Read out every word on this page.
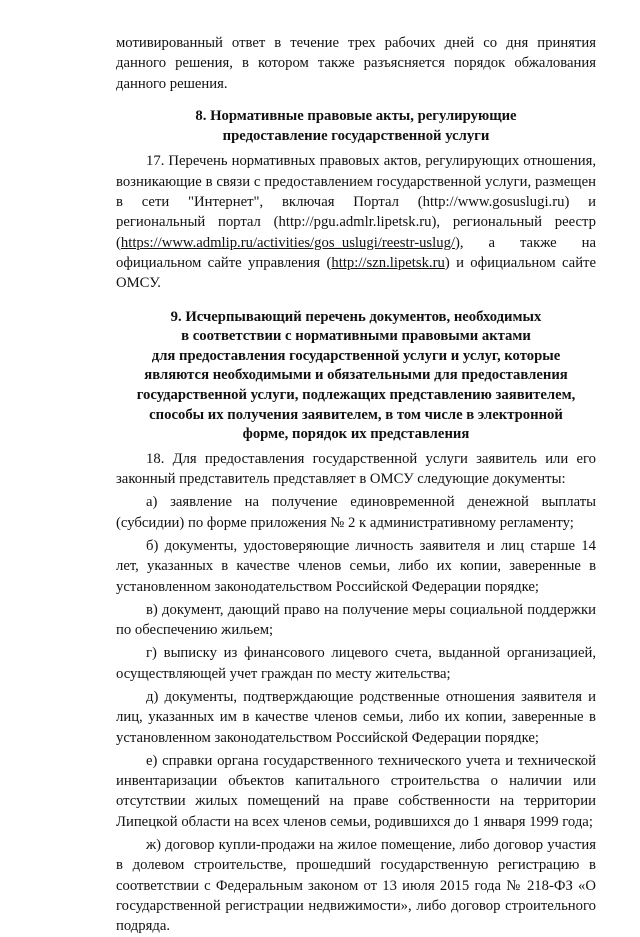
мотивированный ответ в течение трех рабочих дней со дня принятия данного решения, в котором также разъясняется порядок обжалования данного решения.

8. Нормативные правовые акты, регулирующие
предоставление государственной услуги

17. Перечень нормативных правовых актов, регулирующих отношения, возникающие в связи с предоставлением государственной услуги, размещен в сети "Интернет", включая Портал (http://www.gosuslugi.ru) и региональный портал (http://pgu.admlr.lipetsk.ru), региональный реестр (https://www.admlip.ru/activities/gos_uslugi/reestr-uslug/), а также на официальном сайте управления (http://szn.lipetsk.ru) и официальном сайте ОМСУ.

9. Исчерпывающий перечень документов, необходимых
в соответствии с нормативными правовыми актами
для предоставления государственной услуги и услуг, которые
являются необходимыми и обязательными для предоставления
государственной услуги, подлежащих представлению заявителем,
способы их получения заявителем, в том числе в электронной
форме, порядок их представления

18. Для предоставления государственной услуги заявитель или его законный представитель представляет в ОМСУ следующие документы:

а) заявление на получение единовременной денежной выплаты (субсидии) по форме приложения № 2 к административному регламенту;

б) документы, удостоверяющие личность заявителя и лиц старше 14 лет, указанных в качестве членов семьи, либо их копии, заверенные в установленном законодательством Российской Федерации порядке;

в) документ, дающий право на получение меры социальной поддержки по обеспечению жильем;

г) выписку из финансового лицевого счета, выданной организацией, осуществляющей учет граждан по месту жительства;

д) документы, подтверждающие родственные отношения заявителя и лиц, указанных им в качестве членов семьи, либо их копии, заверенные в установленном законодательством Российской Федерации порядке;

е) справки органа государственного технического учета и технической инвентаризации объектов капитального строительства о наличии или отсутствии жилых помещений на праве собственности на территории Липецкой области на всех членов семьи, родившихся до 1 января 1999 года;

ж) договор купли-продажи на жилое помещение, либо договор участия в долевом строительстве, прошедший государственную регистрацию в соответствии с Федеральным законом от 13 июля 2015 года № 218-ФЗ «О государственной регистрации недвижимости», либо договор строительного подряда.
